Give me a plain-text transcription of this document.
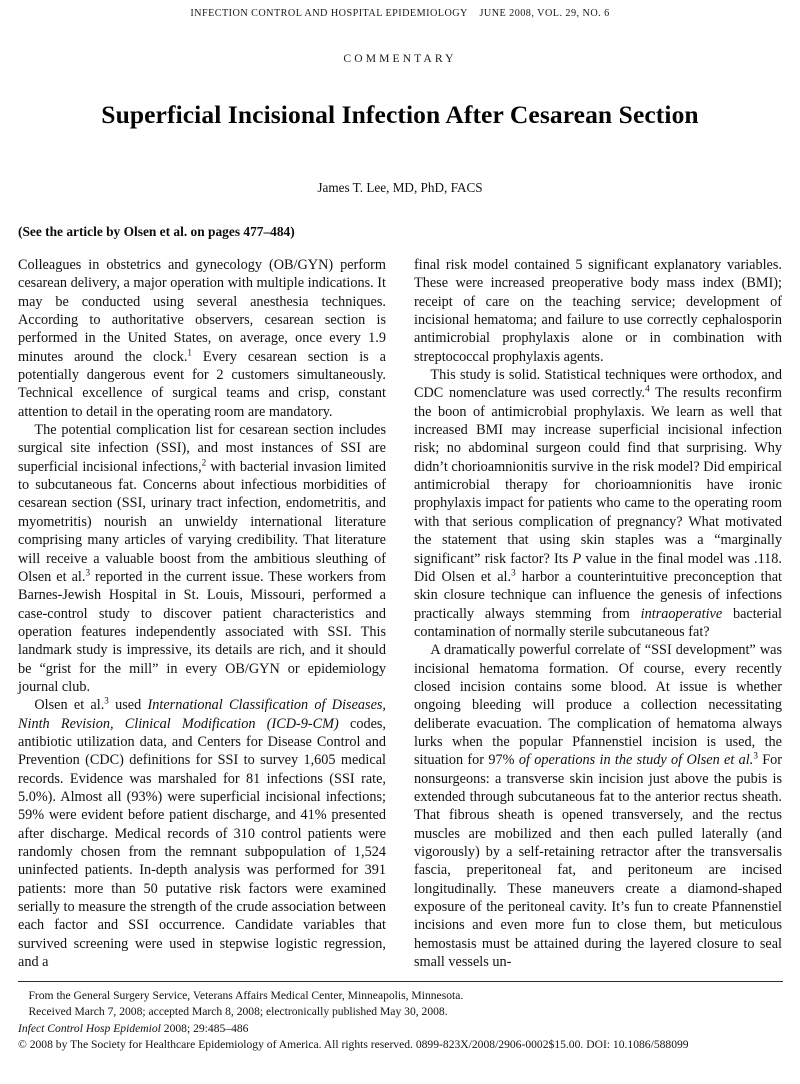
INFECTION CONTROL AND HOSPITAL EPIDEMIOLOGY    JUNE 2008, VOL. 29, NO. 6
COMMENTARY
Superficial Incisional Infection After Cesarean Section
James T. Lee, MD, PhD, FACS
(See the article by Olsen et al. on pages 477–484)

Colleagues in obstetrics and gynecology (OB/GYN) perform cesarean delivery, a major operation with multiple indications. It may be conducted using several anesthesia techniques. According to authoritative observers, cesarean section is performed in the United States, on average, once every 1.9 minutes around the clock.$^1$ Every cesarean section is a potentially dangerous event for 2 customers simultaneously. Technical excellence of surgical teams and crisp, constant attention to detail in the operating room are mandatory.

The potential complication list for cesarean section includes surgical site infection (SSI), and most instances of SSI are superficial incisional infections,$^2$ with bacterial invasion limited to subcutaneous fat. Concerns about infectious morbidities of cesarean section (SSI, urinary tract infection, endometritis, and myometritis) nourish an unwieldy international literature comprising many articles of varying credibility. That literature will receive a valuable boost from the ambitious sleuthing of Olsen et al.$^3$ reported in the current issue. These workers from Barnes-Jewish Hospital in St. Louis, Missouri, performed a case-control study to discover patient characteristics and operation features independently associated with SSI. This landmark study is impressive, its details are rich, and it should be “grist for the mill” in every OB/GYN or epidemiology journal club.

Olsen et al.$^3$ used International Classification of Diseases, Ninth Revision, Clinical Modification (ICD-9-CM) codes, antibiotic utilization data, and Centers for Disease Control and Prevention (CDC) definitions for SSI to survey 1,605 medical records. Evidence was marshaled for 81 infections (SSI rate, 5.0%). Almost all (93%) were superficial incisional infections; 59% were evident before patient discharge, and 41% presented after discharge. Medical records of 310 control patients were randomly chosen from the remnant subpopulation of 1,524 uninfected patients. In-depth analysis was performed for 391 patients: more than 50 putative risk factors were examined serially to measure the strength of the crude association between each factor and SSI occurrence. Candidate variables that survived screening were used in stepwise logistic regression, and a

final risk model contained 5 significant explanatory variables. These were increased preoperative body mass index (BMI); receipt of care on the teaching service; development of incisional hematoma; and failure to use correctly cephalosporin antimicrobial prophylaxis alone or in combination with streptococcal prophylaxis agents.

This study is solid. Statistical techniques were orthodox, and CDC nomenclature was used correctly.$^4$ The results reconfirm the boon of antimicrobial prophylaxis. We learn as well that increased BMI may increase superficial incisional infection risk; no abdominal surgeon could find that surprising. Why didn’t chorioamnionitis survive in the risk model? Did empirical antimicrobial therapy for chorioamnionitis have ironic prophylaxis impact for patients who came to the operating room with that serious complication of pregnancy? What motivated the statement that using skin staples was a “marginally significant” risk factor? Its P value in the final model was .118. Did Olsen et al.$^3$ harbor a counterintuitive preconception that skin closure technique can influence the genesis of infections practically always stemming from intraoperative bacterial contamination of normally sterile subcutaneous fat?

A dramatically powerful correlate of “SSI development” was incisional hematoma formation. Of course, every recently closed incision contains some blood. At issue is whether ongoing bleeding will produce a collection necessitating deliberate evacuation. The complication of hematoma always lurks when the popular Pfannenstiel incision is used, the situation for 97% of operations in the study of Olsen et al.$^3$ For nonsurgeons: a transverse skin incision just above the pubis is extended through subcutaneous fat to the anterior rectus sheath. That fibrous sheath is opened transversely, and the rectus muscles are mobilized and then each pulled laterally (and vigorously) by a self-retaining retractor after the transversalis fascia, preperitoneal fat, and peritoneum are incised longitudinally. These maneuvers create a diamond-shaped exposure of the peritoneal cavity. It’s fun to create Pfannenstiel incisions and even more fun to close them, but meticulous hemostasis must be attained during the layered closure to seal small vessels un-

From the General Surgery Service, Veterans Affairs Medical Center, Minneapolis, Minnesota.
Received March 7, 2008; accepted March 8, 2008; electronically published May 30, 2008.
Infect Control Hosp Epidemiol 2008; 29:485–486
© 2008 by The Society for Healthcare Epidemiology of America. All rights reserved. 0899-823X/2008/2906-0002$15.00. DOI: 10.1086/588099
